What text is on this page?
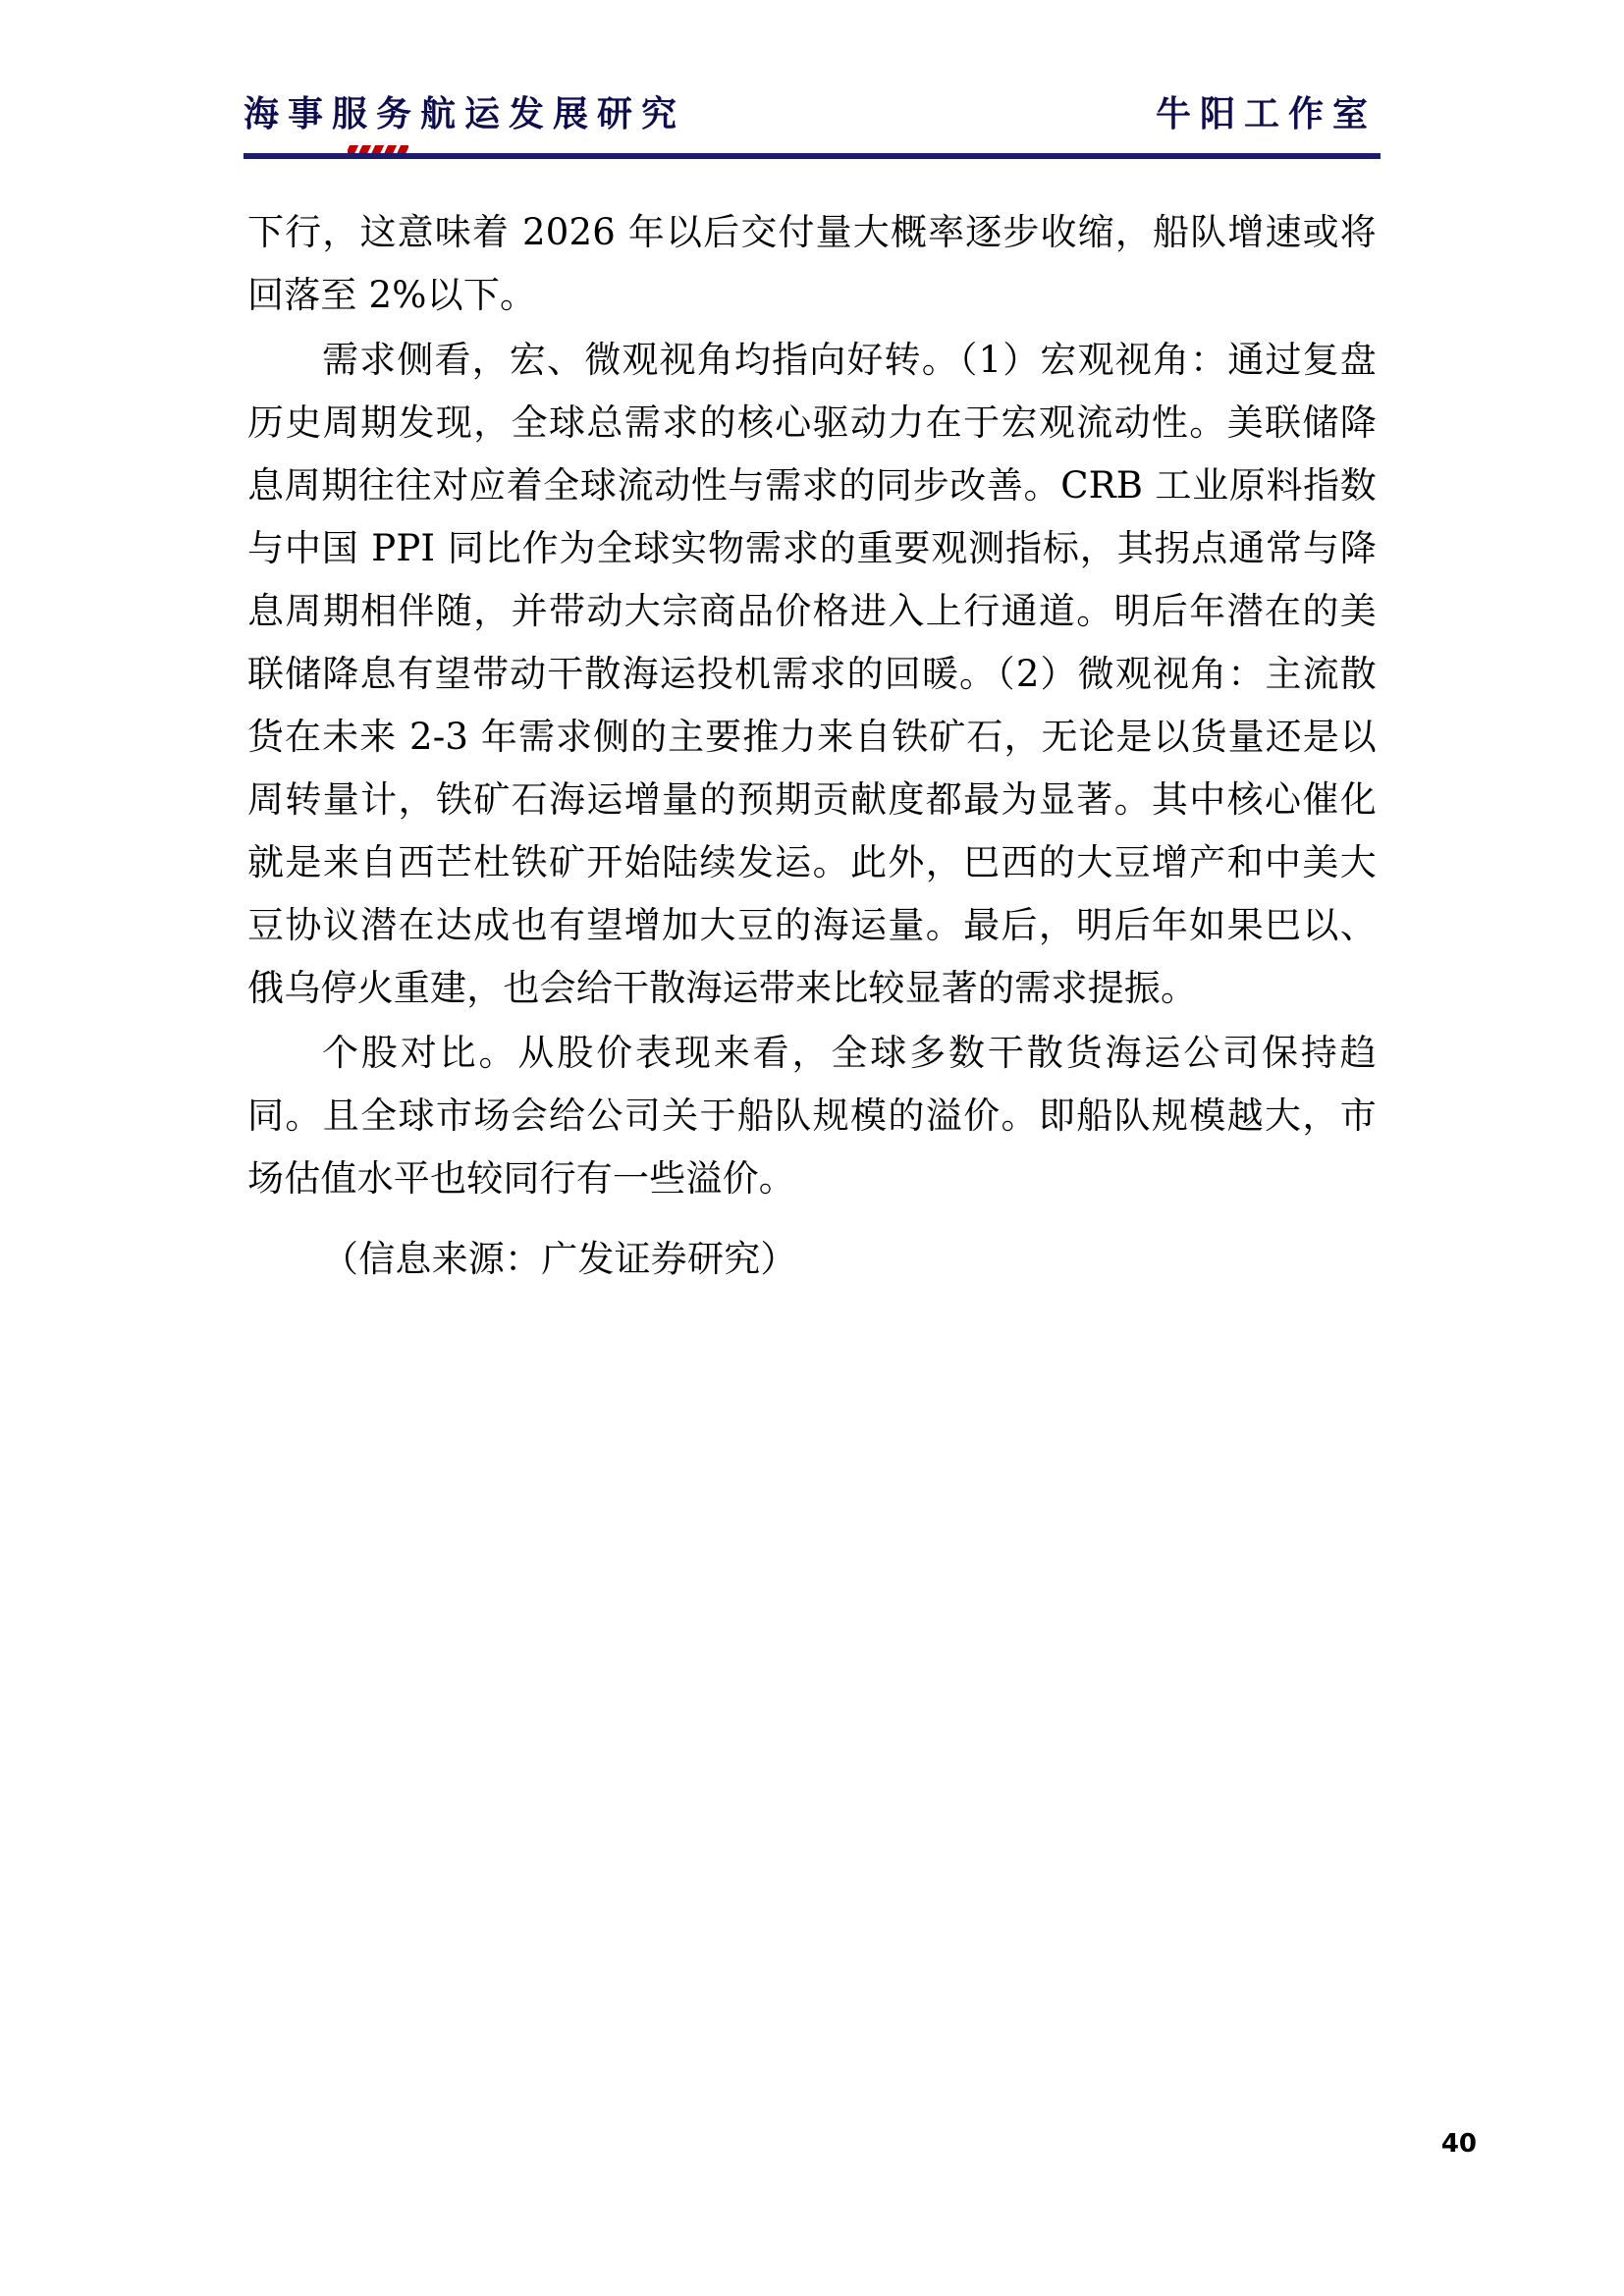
海事服务航运发展研究	牛阳工作室

下行，这意味着 2026 年以后交付量大概率逐步收缩，船队增速或将回落至 2%以下。

需求侧看，宏、微观视角均指向好转。（1）宏观视角：通过复盘历史周期发现，全球总需求的核心驱动力在于宏观流动性。美联储降息周期往往对应着全球流动性与需求的同步改善。CRB 工业原料指数与中国 PPI 同比作为全球实物需求的重要观测指标，其拐点通常与降息周期相伴随，并带动大宗商品价格进入上行通道。明后年潜在的美联储降息有望带动干散海运投机需求的回暖。（2）微观视角：主流散货在未来 2-3 年需求侧的主要推力来自铁矿石，无论是以货量还是以周转量计，铁矿石海运增量的预期贡献度都最为显著。其中核心催化就是来自西芒杜铁矿开始陆续发运。此外，巴西的大豆增产和中美大豆协议潜在达成也有望增加大豆的海运量。最后，明后年如果巴以、俄乌停火重建，也会给干散海运带来比较显著的需求提振。

个股对比。从股价表现来看，全球多数干散货海运公司保持趋同。且全球市场会给公司关于船队规模的溢价。即船队规模越大，市场估值水平也较同行有一些溢价。

（信息来源：广发证券研究）

40
